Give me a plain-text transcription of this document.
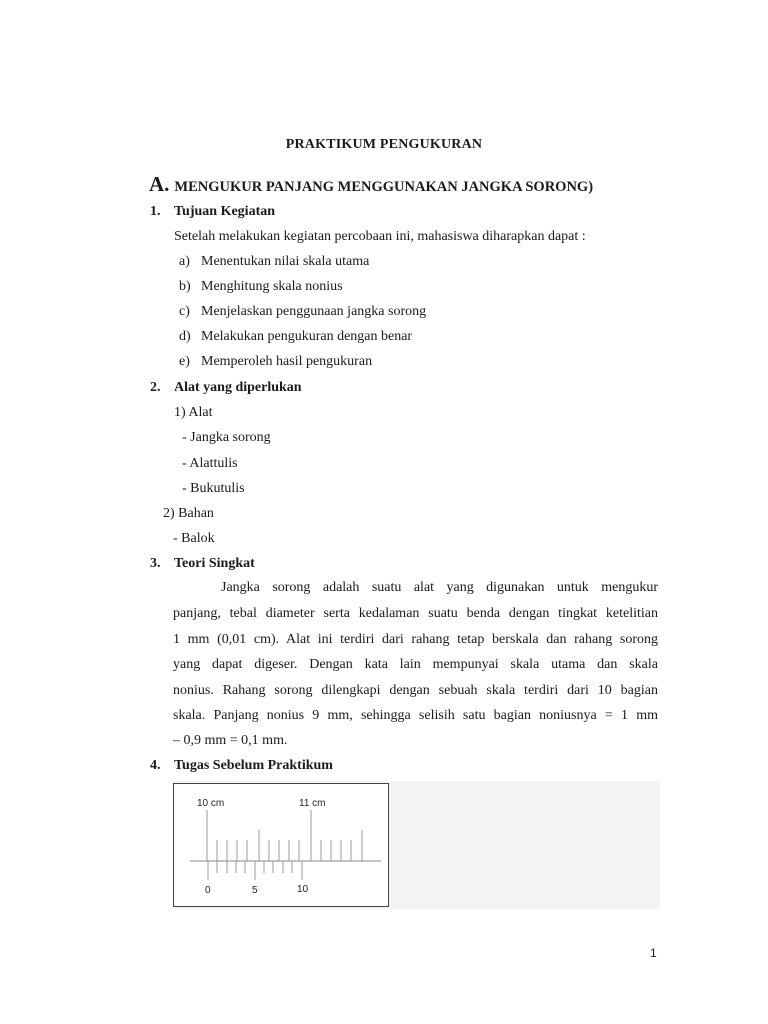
PRAKTIKUM PENGUKURAN
A. MENGUKUR PANJANG MENGGUNAKAN JANGKA SORONG)
1. Tujuan Kegiatan
Setelah melakukan kegiatan percobaan ini, mahasiswa diharapkan dapat :
a) Menentukan nilai skala utama
b) Menghitung skala nonius
c) Menjelaskan penggunaan jangka sorong
d) Melakukan pengukuran dengan benar
e) Memperoleh hasil pengukuran
2. Alat yang diperlukan
1) Alat
- Jangka sorong
- Alattulis
- Bukutulis
2) Bahan
- Balok
3. Teori Singkat
Jangka sorong adalah suatu alat yang digunakan untuk mengukur
panjang, tebal diameter serta kedalaman suatu benda dengan tingkat ketelitian
1 mm (0,01 cm). Alat ini terdiri dari rahang tetap berskala dan rahang sorong
yang dapat digeser. Dengan kata lain mempunyai skala utama dan skala
nonius. Rahang sorong dilengkapi dengan sebuah skala terdiri dari 10 bagian
skala. Panjang nonius 9 mm, sehingga selisih satu bagian noniusnya = 1 mm
– 0,9 mm = 0,1 mm.
4. Tugas Sebelum Praktikum
10 cm	11 cm
0	5	10
1
